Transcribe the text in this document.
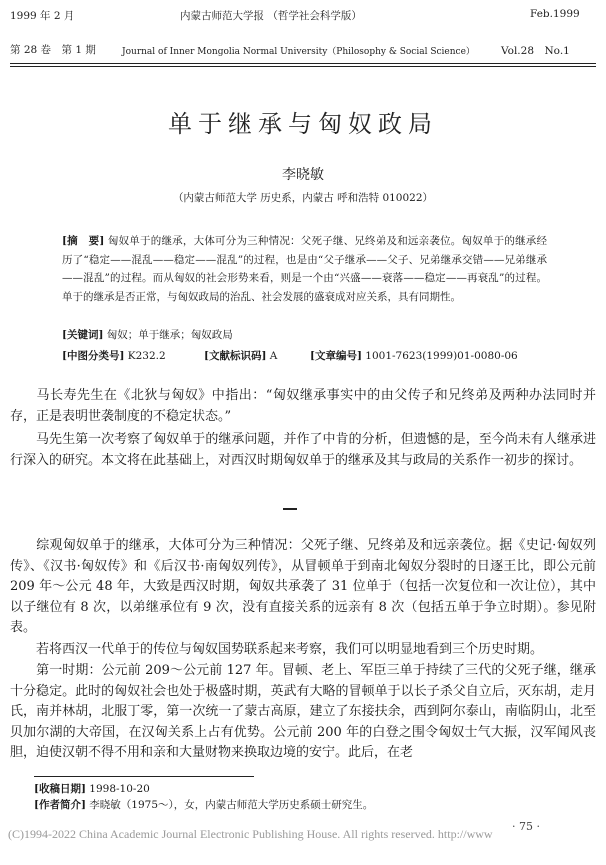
1999 年 2 月	内蒙古师范大学报 （哲学社会科学版）	Feb.1999
第 28 卷　第 1 期	Journal of Inner Mongolia Normal University（Philosophy & Social Science） Vol.28　No.1
单于继承与匈奴政局
李晓敏
（内蒙古师范大学 历史系，内蒙古 呼和浩特 010022）
[摘　要] 匈奴单于的继承，大体可分为三种情况：父死子继、兄终弟及和远亲袭位。匈奴单于的继承经历了“稳定——混乱——稳定——混乱”的过程，也是由“父子继承——父子、兄弟继承交错——兄弟继承——混乱”的过程。而从匈奴的社会形势来看，则是一个由“兴盛——衰落——稳定——再衰乱”的过程。单于的继承是否正常，与匈奴政局的治乱、社会发展的盛衰成对应关系，具有同期性。
[关键词] 匈奴；单于继承；匈奴政局
[中图分类号] K232.2	[文献标识码] A	[文章编号] 1001-7623(1999)01-0080-06
马长寿先生在《北狄与匈奴》中指出：“匈奴继承事实中的由父传子和兄终弟及两种办法同时并存，正是表明世袭制度的不稳定状态。”
马先生第一次考察了匈奴单于的继承问题，并作了中肯的分析，但遗憾的是，至今尚未有人继承进行深入的研究。本文将在此基础上，对西汉时期匈奴单于的继承及其与政局的关系作一初步的探讨。
综观匈奴单于的继承，大体可分为三种情况：父死子继、兄终弟及和远亲袭位。据《史记·匈奴列传》、《汉书·匈奴传》和《后汉书·南匈奴列传》，从冒顿单于到南北匈奴分裂时的日逐王比，即公元前 209 年～公元 48 年，大致是西汉时期，匈奴共承袭了 31 位单于（包括一次复位和一次让位），其中以子继位有 8 次，以弟继承位有 9 次，没有直接关系的远亲有 8 次（包括五单于争立时期）。参见附表。
若将西汉一代单于的传位与匈奴国势联系起来考察，我们可以明显地看到三个历史时期。
第一时期：公元前 209～公元前 127 年。冒顿、老上、军臣三单于持续了三代的父死子继，继承十分稳定。此时的匈奴社会也处于极盛时期，英武有大略的冒顿单于以长子杀父自立后，灭东胡，走月氏，南并林胡，北服丁零，第一次统一了蒙古高原，建立了东接扶余，西到阿尔泰山，南临阴山，北至贝加尔湖的大帝国，在汉匈关系上占有优势。公元前 200 年的白登之围令匈奴士气大振，汉军闻风丧胆，迫使汉朝不得不用和亲和大量财物来换取边境的安宁。此后，在老
[收稿日期] 1998-10-20
[作者简介] 李晓敏（1975～），女，内蒙古师范大学历史系硕士研究生。
(C)1994-2022 China Academic Journal Electronic Publishing House. All rights reserved. http://www
· 75 ·
